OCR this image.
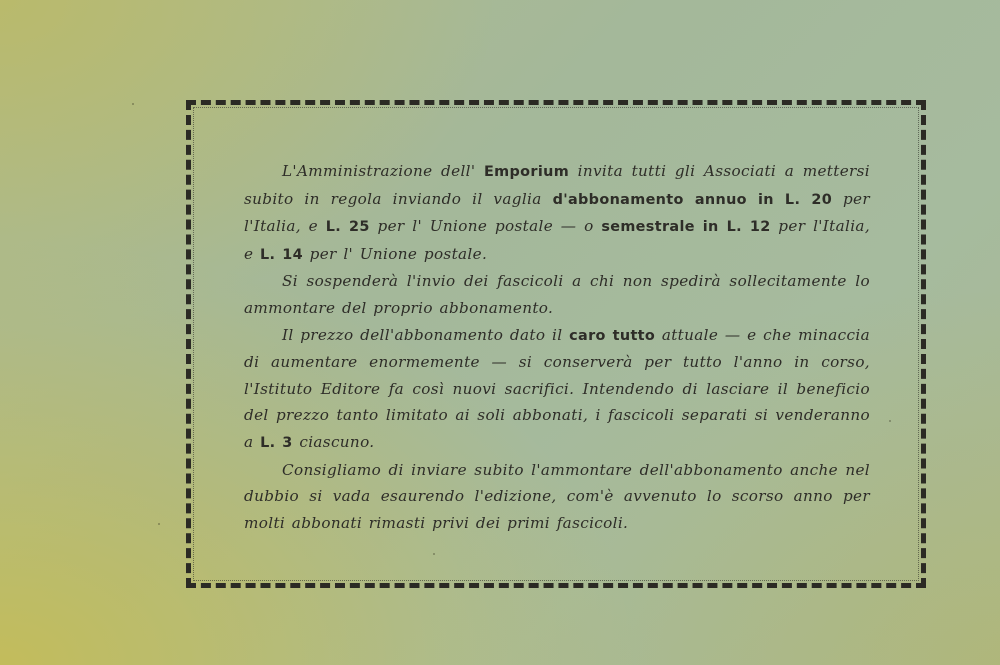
L'Amministrazione dell' Emporium invita tutti gli Associati a mettersi subito in regola inviando il vaglia d'abbonamento annuo in L. 20 per l'Italia, e L. 25 per l' Unione postale — o semestrale in L. 12 per l'Italia, e L. 14 per l' Unione postale.

Si sospenderà l'invio dei fascicoli a chi non spedirà sollecitamente lo ammontare del proprio abbonamento.

Il prezzo dell'abbonamento dato il caro tutto attuale — e che minaccia di aumentare enormemente — si conserverà per tutto l'anno in corso, l'Istituto Editore fa così nuovi sacrifici. Intendendo di lasciare il beneficio del prezzo tanto limitato ai soli abbonati, i fascicoli separati si venderanno a L. 3 ciascuno.

Consigliamo di inviare subito l'ammontare dell'abbonamento anche nel dubbio si vada esaurendo l'edizione, com'è avvenuto lo scorso anno per molti abbonati rimasti privi dei primi fascicoli.
